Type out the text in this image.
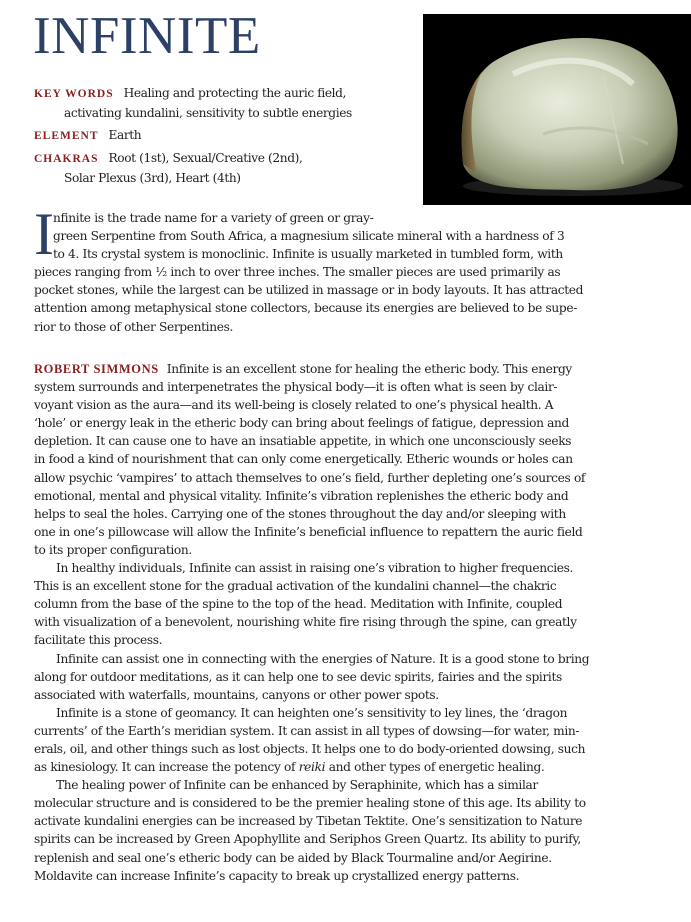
INFINITE
KEY WORDS Healing and protecting the auric field,
activating kundalini, sensitivity to subtle energies
ELEMENT Earth
CHAKRAS Root (1st), Sexual/Creative (2nd),
Solar Plexus (3rd), Heart (4th)
I nfinite is the trade name for a variety of green or gray-
green Serpentine from South Africa, a magnesium silicate mineral with a hardness of 3
to 4. Its crystal system is monoclinic. Infinite is usually marketed in tumbled form, with
pieces ranging from ½ inch to over three inches. The smaller pieces are used primarily as
pocket stones, while the largest can be utilized in massage or in body layouts. It has attracted
attention among metaphysical stone collectors, because its energies are believed to be supe-
rior to those of other Serpentines.
ROBERT SIMMONS Infinite is an excellent stone for healing the etheric body. This energy
system surrounds and interpenetrates the physical body—it is often what is seen by clair-
voyant vision as the aura—and its well-being is closely related to one’s physical health. A
‘hole’ or energy leak in the etheric body can bring about feelings of fatigue, depression and
depletion. It can cause one to have an insatiable appetite, in which one unconsciously seeks
in food a kind of nourishment that can only come energetically. Etheric wounds or holes can
allow psychic ‘vampires’ to attach themselves to one’s field, further depleting one’s sources of
emotional, mental and physical vitality. Infinite’s vibration replenishes the etheric body and
helps to seal the holes. Carrying one of the stones throughout the day and/or sleeping with
one in one’s pillowcase will allow the Infinite’s beneficial influence to repattern the auric field
to its proper configuration.
In healthy individuals, Infinite can assist in raising one’s vibration to higher frequencies.
This is an excellent stone for the gradual activation of the kundalini channel—the chakric
column from the base of the spine to the top of the head. Meditation with Infinite, coupled
with visualization of a benevolent, nourishing white fire rising through the spine, can greatly
facilitate this process.
Infinite can assist one in connecting with the energies of Nature. It is a good stone to bring
along for outdoor meditations, as it can help one to see devic spirits, fairies and the spirits
associated with waterfalls, mountains, canyons or other power spots.
Infinite is a stone of geomancy. It can heighten one’s sensitivity to ley lines, the ‘dragon
currents’ of the Earth’s meridian system. It can assist in all types of dowsing—for water, min-
erals, oil, and other things such as lost objects. It helps one to do body-oriented dowsing, such
as kinesiology. It can increase the potency of reiki and other types of energetic healing.
The healing power of Infinite can be enhanced by Seraphinite, which has a similar
molecular structure and is considered to be the premier healing stone of this age. Its ability to
activate kundalini energies can be increased by Tibetan Tektite. One’s sensitization to Nature
spirits can be increased by Green Apophyllite and Seriphos Green Quartz. Its ability to purify,
replenish and seal one’s etheric body can be aided by Black Tourmaline and/or Aegirine.
Moldavite can increase Infinite’s capacity to break up crystallized energy patterns.
